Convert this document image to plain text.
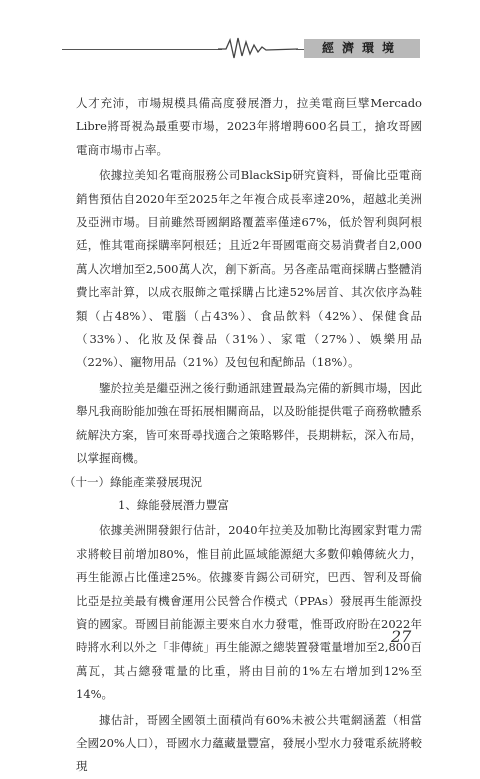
經濟環境

人才充沛，市場規模具備高度發展潛力，拉美電商巨擘Mercado Libre將哥視為最重要市場，2023年將增聘600名員工，搶攻哥國電商市場市占率。

依據拉美知名電商服務公司BlackSip研究資料，哥倫比亞電商銷售預估自2020年至2025年之年複合成長率達20%，超越北美洲及亞洲市場。目前雖然哥國網路覆蓋率僅達67%，低於智利與阿根廷，惟其電商採購率阿根廷；且近2年哥國電商交易消費者自2,000萬人次增加至2,500萬人次，創下新高。另各產品電商採購占整體消費比率計算，以成衣服飾之電採購占比達52%居首、其次依序為鞋類（占48%）、電腦（占43%）、食品飲料（42%）、保健食品（33%）、化妝及保養品（31%）、家電（27%）、娛樂用品（22%）、寵物用品（21%）及包包和配飾品（18%）。

鑒於拉美是繼亞洲之後行動通訊建置最為完備的新興市場，因此舉凡我商盼能加強在哥拓展相關商品，以及盼能提供電子商務軟體系統解決方案，皆可來哥尋找適合之策略夥伴，長期耕耘，深入布局，以掌握商機。

（十一）綠能產業發展現況

1、綠能發展潛力豐富

依據美洲開發銀行估計，2040年拉美及加勒比海國家對電力需求將較目前增加80%，惟目前此區域能源絕大多數仰賴傳統火力，再生能源占比僅達25%。依據麥肯錫公司研究，巴西、智利及哥倫比亞是拉美最有機會運用公民營合作模式（PPAs）發展再生能源投資的國家。哥國目前能源主要來自水力發電，惟哥政府盼在2022年時將水利以外之「非傳統」再生能源之總裝置發電量增加至2,800百萬瓦，其占總發電量的比重，將由目前的1%左右增加到12%至14%。

據估計，哥國全國領土面積尚有60%未被公共電網涵蓋（相當全國20%人口），哥國水力蘊藏量豐富，發展小型水力發電系統將較現

27
